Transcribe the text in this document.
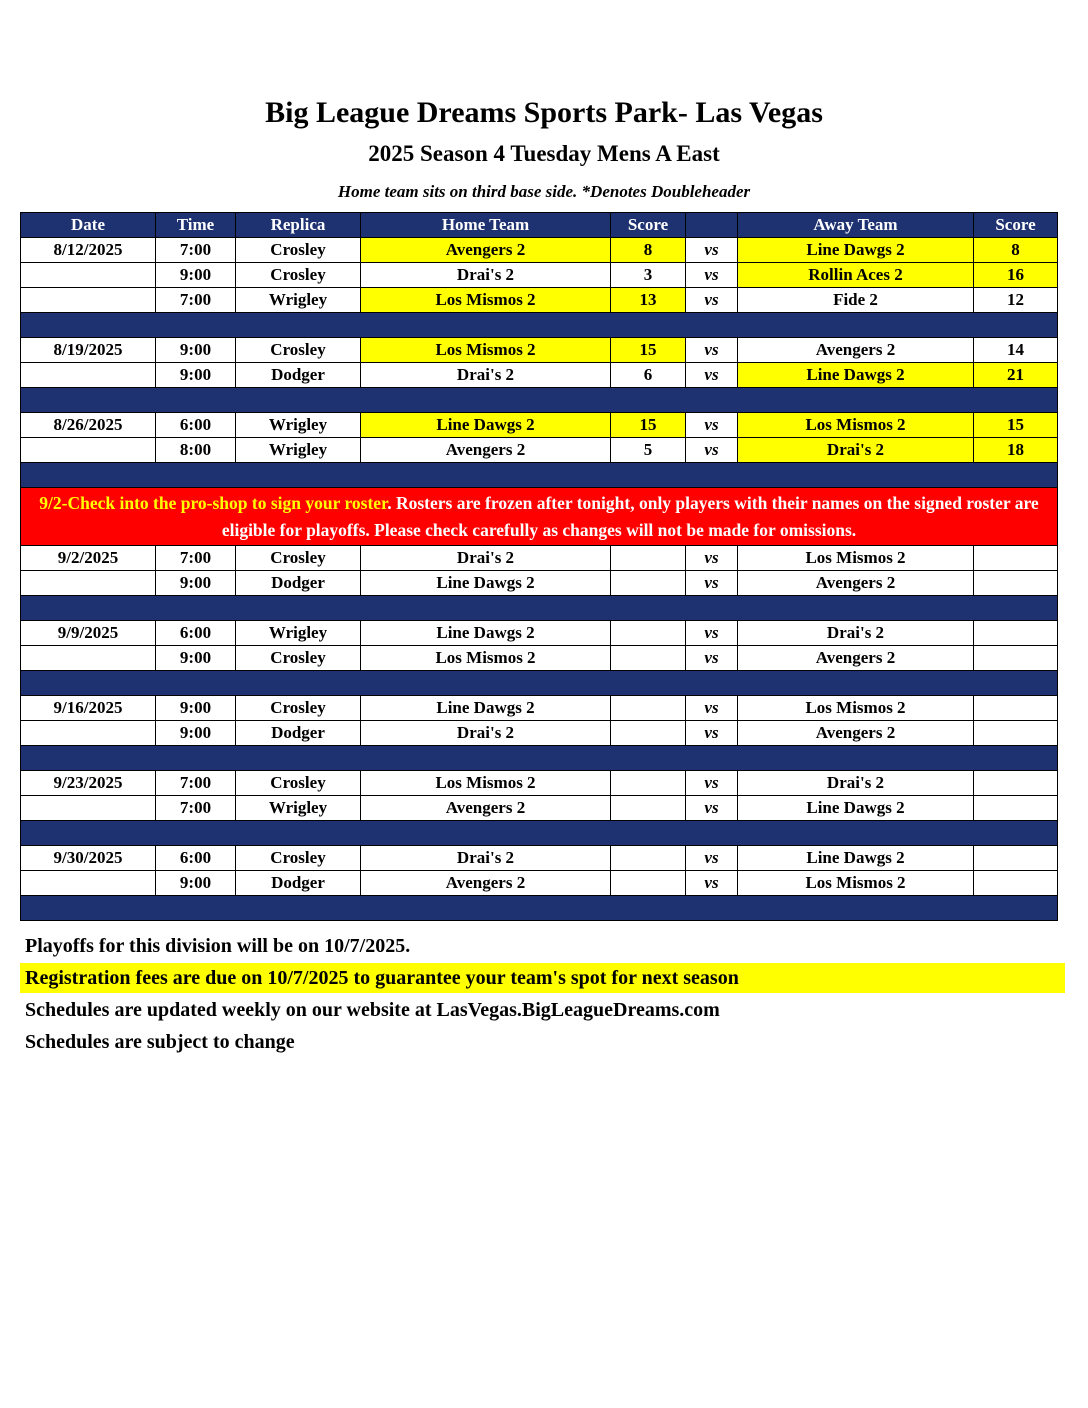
Big League Dreams Sports Park- Las Vegas
2025 Season 4 Tuesday Mens A East
Home team sits on third base side. *Denotes Doubleheader
Date	Time	Replica	Home Team	Score		Away Team	Score
8/12/2025	7:00	Crosley	Avengers 2	8	vs	Line Dawgs 2	8
	9:00	Crosley	Drai's 2	3	vs	Rollin Aces 2	16
	7:00	Wrigley	Los Mismos 2	13	vs	Fide 2	12

8/19/2025	9:00	Crosley	Los Mismos 2	15	vs	Avengers 2	14
	9:00	Dodger	Drai's 2	6	vs	Line Dawgs 2	21

8/26/2025	6:00	Wrigley	Line Dawgs 2	15	vs	Los Mismos 2	15
	8:00	Wrigley	Avengers 2	5	vs	Drai's 2	18

9/2-Check into the pro-shop to sign your roster. Rosters are frozen after tonight, only players with their names on the signed roster are eligible for playoffs. Please check carefully as changes will not be made for omissions.							
9/2/2025	7:00	Crosley	Drai's 2		vs	Los Mismos 2	
	9:00	Dodger	Line Dawgs 2		vs	Avengers 2	

9/9/2025	6:00	Wrigley	Line Dawgs 2		vs	Drai's 2	
	9:00	Crosley	Los Mismos 2		vs	Avengers 2	

9/16/2025	9:00	Crosley	Line Dawgs 2		vs	Los Mismos 2	
	9:00	Dodger	Drai's 2		vs	Avengers 2	

9/23/2025	7:00	Crosley	Los Mismos 2		vs	Drai's 2	
	7:00	Wrigley	Avengers 2		vs	Line Dawgs 2	

9/30/2025	6:00	Crosley	Drai's 2		vs	Line Dawgs 2	
	9:00	Dodger	Avengers 2		vs	Los Mismos 2	

Playoffs for this division will be on 10/7/2025.
Registration fees are due on 10/7/2025 to guarantee your team's spot for next season
Schedules are updated weekly on our website at LasVegas.BigLeagueDreams.com
Schedules are subject to change
